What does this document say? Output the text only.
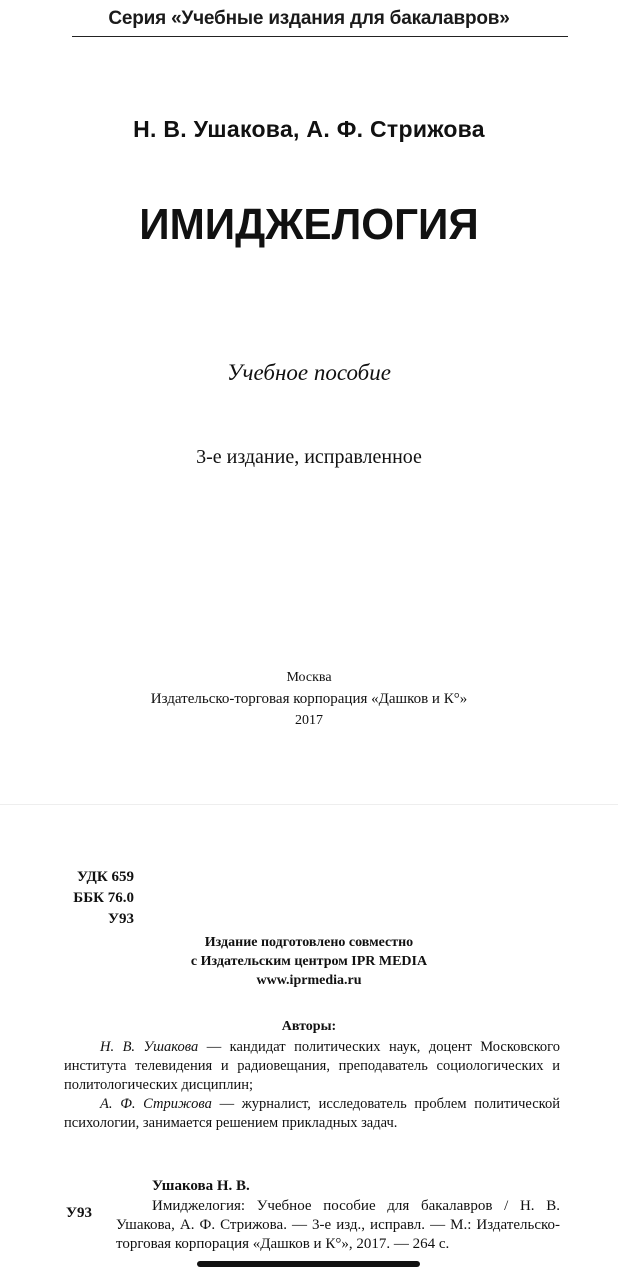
Серия «Учебные издания для бакалавров»
Н. В. Ушакова, А. Ф. Стрижова
ИМИДЖЕЛОГИЯ
Учебное пособие
3-е издание, исправленное
Москва
Издательско-торговая корпорация «Дашков и К°»
2017
УДК 659
ББК 76.0
У93
Издание подготовлено совместно
с Издательским центром IPR MEDIA
www.iprmedia.ru
Авторы:

Н. В. Ушакова — кандидат политических наук, доцент Московского института телевидения и радиовещания, преподаватель социологических и политологических дисциплин;

А. Ф. Стрижова — журналист, исследователь проблем политической психологии, занимается решением прикладных задач.

У93
Ушакова Н. В.

Имиджелогия: Учебное пособие для бакалавров / Н. В. Ушакова, А. Ф. Стрижова. — 3-е изд., исправл. — М.: Издательско-торговая корпорация «Дашков и К°», 2017. — 264 с.
